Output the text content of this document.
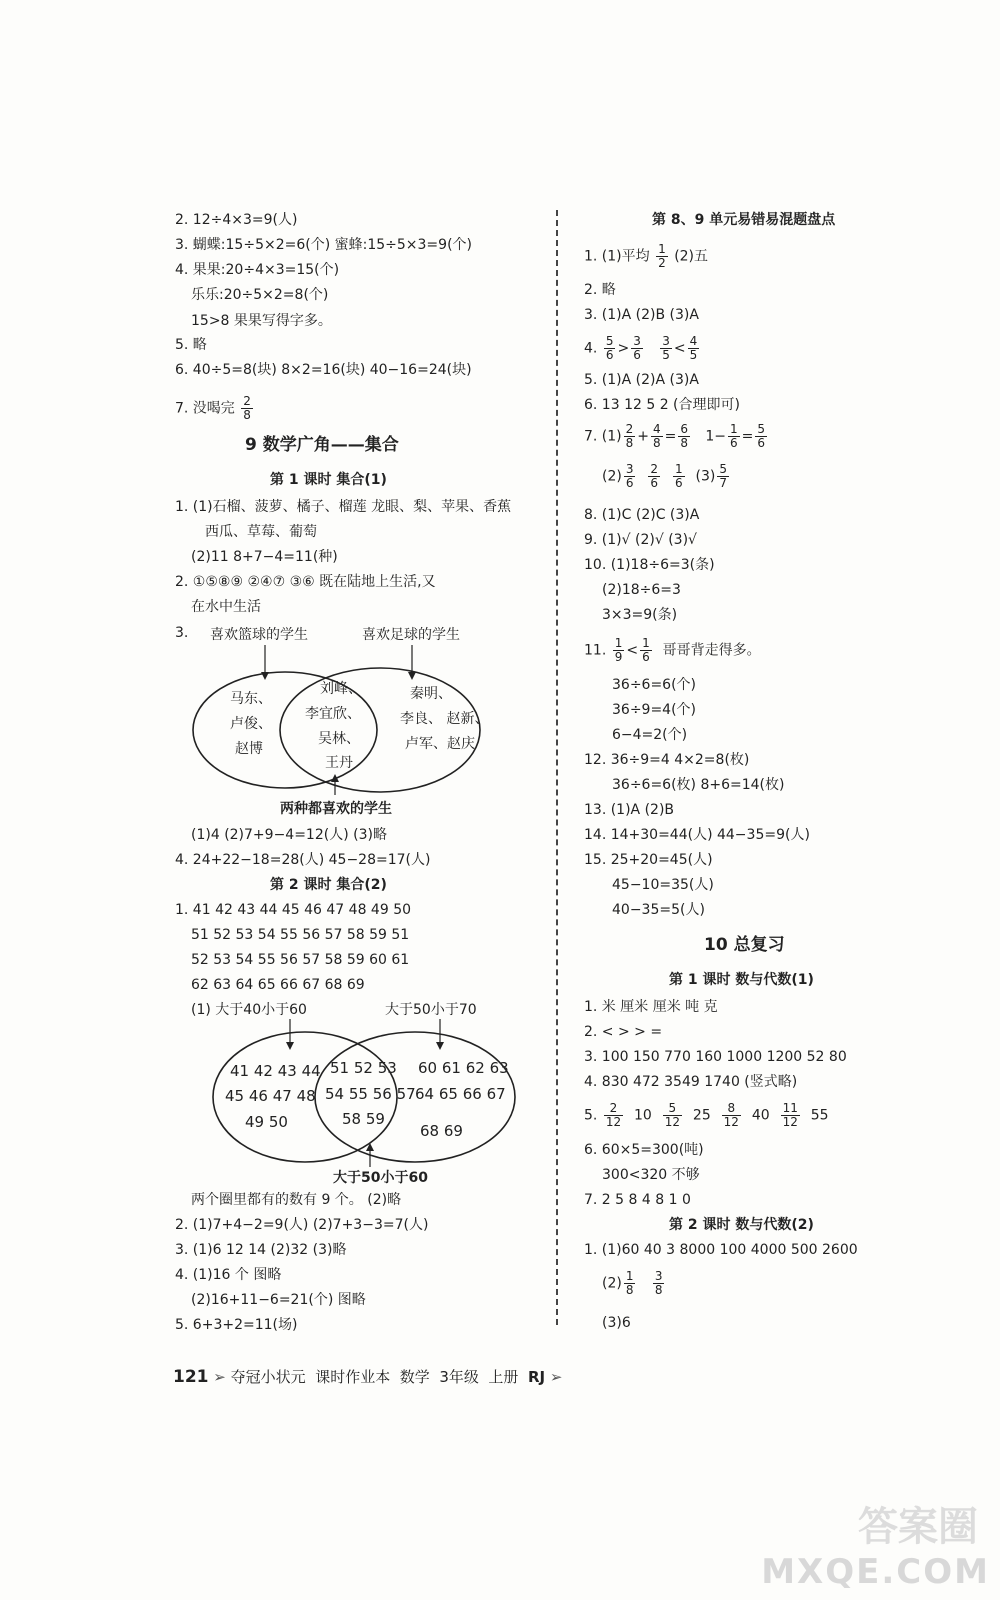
2. 12÷4×3=9(人)
3. 蝴蝶:15÷5×2=6(个) 蜜蜂:15÷5×3=9(个)
4. 果果:20÷4×3=15(个)
乐乐:20÷5×2=8(个)
15>8 果果写得字多。
5. 略
6. 40÷5=8(块) 8×2=16(块) 40−16=24(块)
7. 没喝完 $\frac{2}{8}$
9 数学广角——集合
第 1 课时 集合(1)
1. (1)石榴、菠萝、橘子、榴莲 龙眼、梨、苹果、香蕉
西瓜、草莓、葡萄
(2)11 8+7−4=11(种)
2. ①⑤⑧⑨ ②④⑦ ③⑥ 既在陆地上生活,又
在水中生活
3. 喜欢篮球的学生	喜欢足球的学生
马东、
卢俊、
赵博
刘峰、
李宜欣、
吴林、
王丹
秦明、
李良、 赵新、
卢军、赵庆
两种都喜欢的学生
(1)4 (2)7+9−4=12(人) (3)略
4. 24+22−18=28(人) 45−28=17(人)
第 2 课时 集合(2)
1. 41 42 43 44 45 46 47 48 49 50
51 52 53 54 55 56 57 58 59 51
52 53 54 55 56 57 58 59 60 61
62 63 64 65 66 67 68 69
(1) 大于40小于60	大于50小于70
41 42 43 44
45 46 47 48
49 50
51 52 53
54 55 56 57
58 59
60 61 62 63
64 65 66 67
68 69
大于50小于60
两个圈里都有的数有 9 个。 (2)略
2. (1)7+4−2=9(人) (2)7+3−3=7(人)
3. (1)6 12 14 (2)32 (3)略
4. (1)16 个 图略
(2)16+11−6=21(个) 图略
5. 6+3+2=11(场)
第 8、9 单元易错易混题盘点
1. (1)平均 $\frac{1}{2} (2)$五
2. 略
3. (1)A (2)B (3)A
4. $\frac{5}{6} > \frac{3}{6}$
$\frac{3}{5} < \frac{4}{5}$
5. (1)A (2)A (3)A
6. 13 12 5 2 (合理即可)
7. $(1) \frac{2}{8} + \frac{4}{8} = \frac{6}{8} 1- \frac{1}{6} = \frac{5}{6}$
$(2) \frac{3}{6}$
$\frac{2}{6}$
$\frac{1}{6} (3) \frac{5}{7}$
8. (1)C (2)C (3)A
9. (1)√ (2)√ (3)√
10. (1)18÷6=3(条)
(2)18÷6=3
3×3=9(条)
11. $\frac{1}{9} < \frac{1}{6}$ 哥哥背走得多。
36÷6=6(个)
36÷9=4(个)
6−4=2(个)
12. 36÷9=4 4×2=8(枚)
36÷6=6(枚) 8+6=14(枚)
13. (1)A (2)B
14. 14+30=44(人) 44−35=9(人)
15. 25+20=45(人)
45−10=35(人)
40−35=5(人)
10 总复习
第 1 课时 数与代数(1)
1. 米 厘米 厘米 吨 克
2. < > > =
3. 100 150 770 160 1000 1200 52 80
4. 830 472 3549 1740 (竖式略)
5. $\frac{2}{12} 10 \frac{5}{12} 25 \frac{8}{12} 40 \frac{11}{12} 55$
6. 60×5=300(吨)
300<320 不够
7. 2 5 8 4 8 1 0
第 2 课时 数与代数(2)
1. (1)60 40 3 8000 100 4000 500 2600
$(2) \frac{1}{8}$
$\frac{3}{8}$
(3)6
121 ➢ 夺冠小状元 课时作业本 数学 3年级 上册 RJ ➢
答案圈
MXQE.COM
